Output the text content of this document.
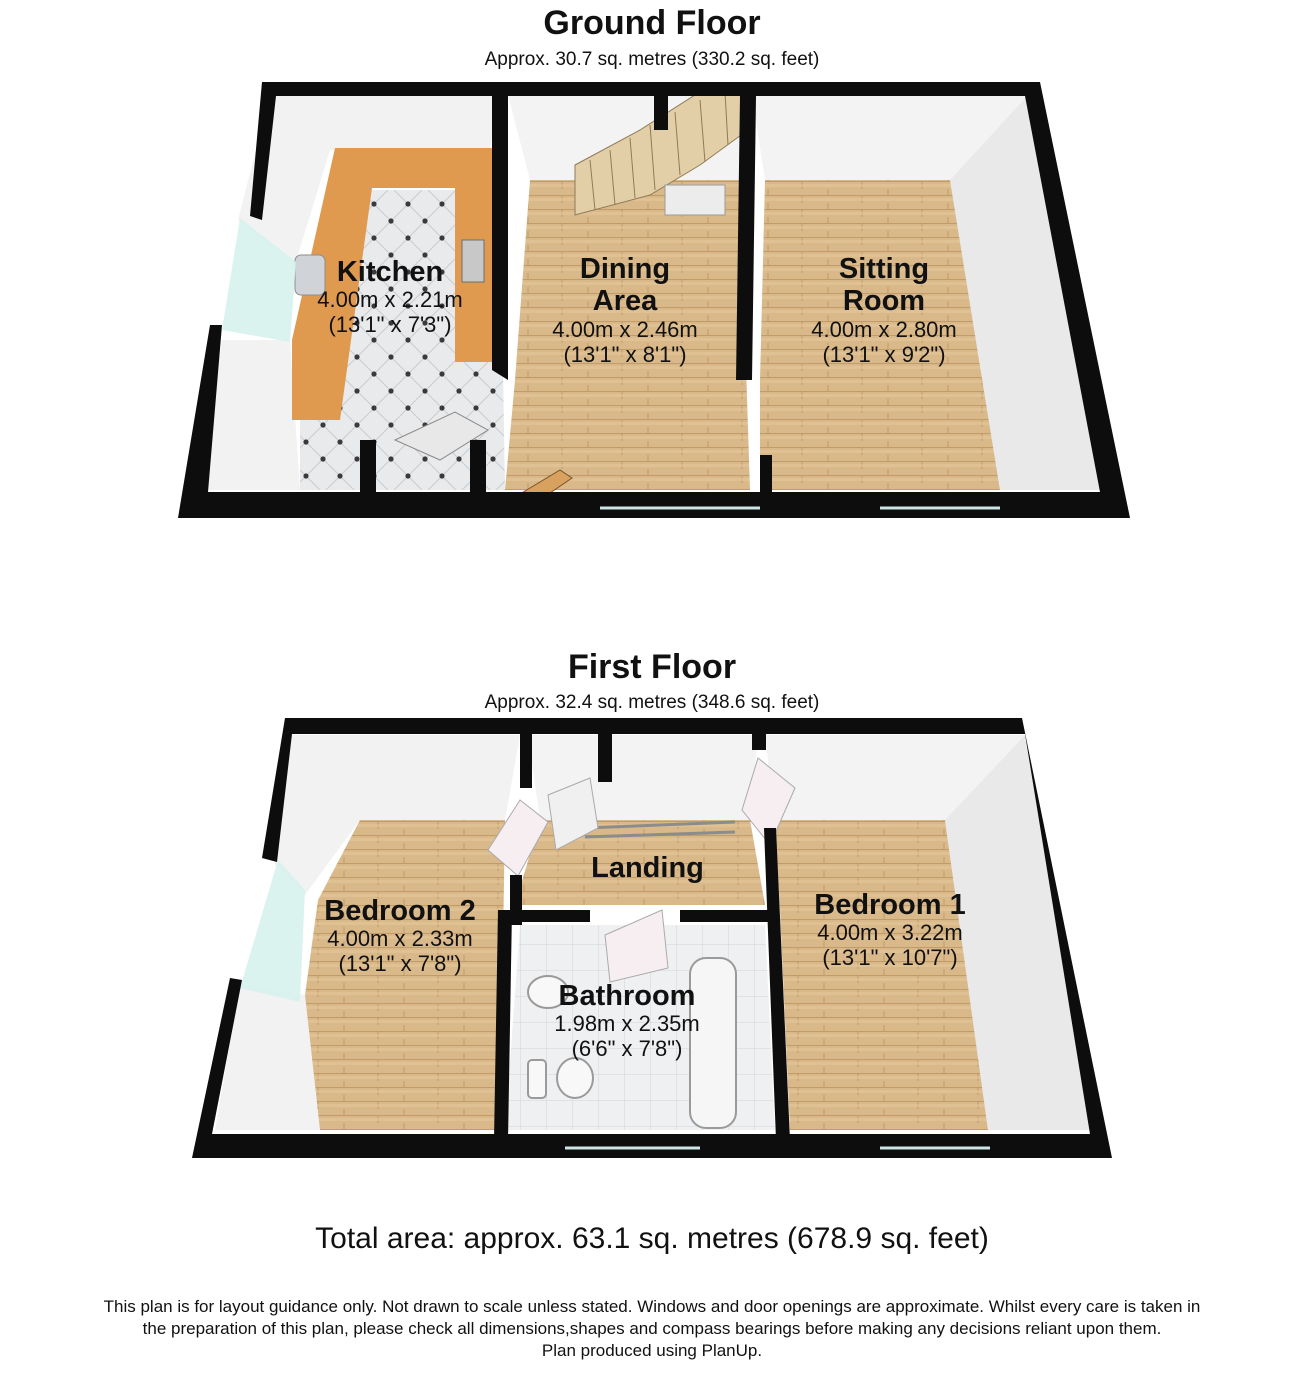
Ground Floor
Approx. 30.7 sq. metres (330.2 sq. feet)
Kitchen
4.00m x 2.21m
(13'1" x 7'3")
Dining
Area
4.00m x 2.46m
(13'1" x 8'1")
Sitting
Room
4.00m x 2.80m
(13'1" x 9'2")
First Floor
Approx. 32.4 sq. metres (348.6 sq. feet)
Bedroom 2
4.00m x 2.33m
(13'1" x 7'8")
Landing
Bathroom
1.98m x 2.35m
(6'6" x 7'8")
Bedroom 1
4.00m x 3.22m
(13'1" x 10'7")
Total area: approx. 63.1 sq. metres (678.9 sq. feet)
This plan is for layout guidance only. Not drawn to scale unless stated. Windows and door openings are approximate. Whilst every care is taken in
the preparation of this plan, please check all dimensions,shapes and compass bearings before making any decisions reliant upon them.
Plan produced using PlanUp.
